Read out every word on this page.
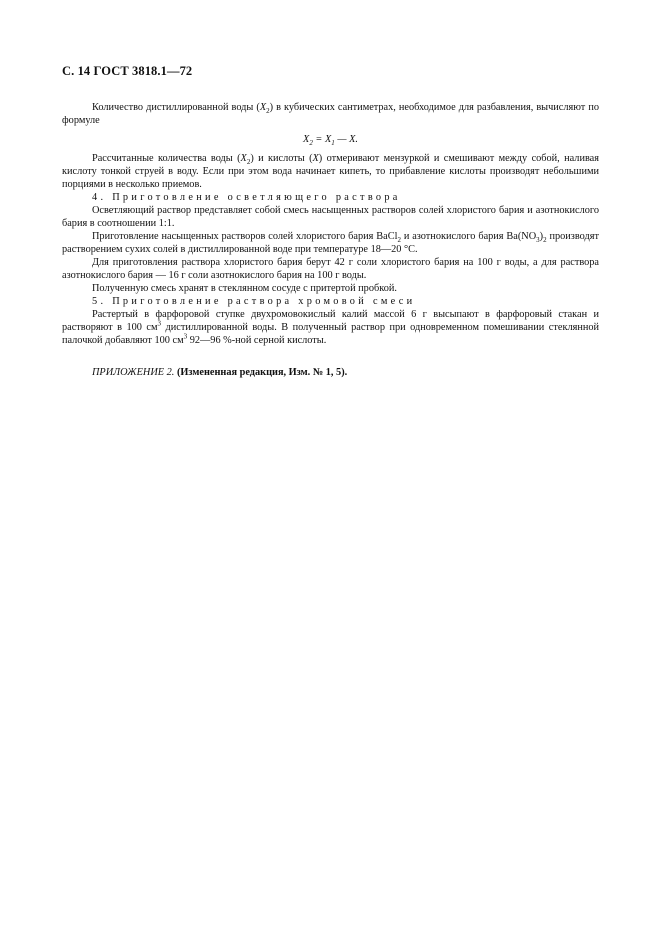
С. 14 ГОСТ 3818.1—72

Количество дистиллированной воды $(X_2)$ в кубических сантиметрах, необходимое для разбавления, вычисляют по формуле

$X_2 = X_1$ — X.

Рассчитанные количества воды $(X_2)$ и кислоты (X) отмеривают мензуркой и смешивают между собой, наливая кислоту тонкой струей в воду. Если при этом вода начинает кипеть, то прибавление кислоты производят небольшими порциями в несколько приемов.

4. Приготовление осветляющего раствора

Осветляющий раствор представляет собой смесь насыщенных растворов солей хлористого бария и азотнокислого бария в соотношении 1:1.

Приготовление насыщенных растворов солей хлористого бария BaCl$_2$ и азотнокислого бария $Ba(NO_3)_2$ производят растворением сухих солей в дистиллированной воде при температуре 18—20 °С.

Для приготовления раствора хлористого бария берут 42 г соли хлористого бария на 100 г воды, а для раствора азотнокислого бария — 16 г соли азотнокислого бария на 100 г воды.

Полученную смесь хранят в стеклянном сосуде с притертой пробкой.

5. Приготовление раствора хромовой смеси

Растертый в фарфоровой ступке двухромовокислый калий массой 6 г высыпают в фарфоровый стакан и растворяют в 100 $см^3$ дистиллированной воды. В полученный раствор при одновременном помешивании стеклянной палочкой добавляют 100 $см^3$ 92—96 %-ной серной кислоты.

ПРИЛОЖЕНИЕ 2. (Измененная редакция, Изм. № 1, 5).
